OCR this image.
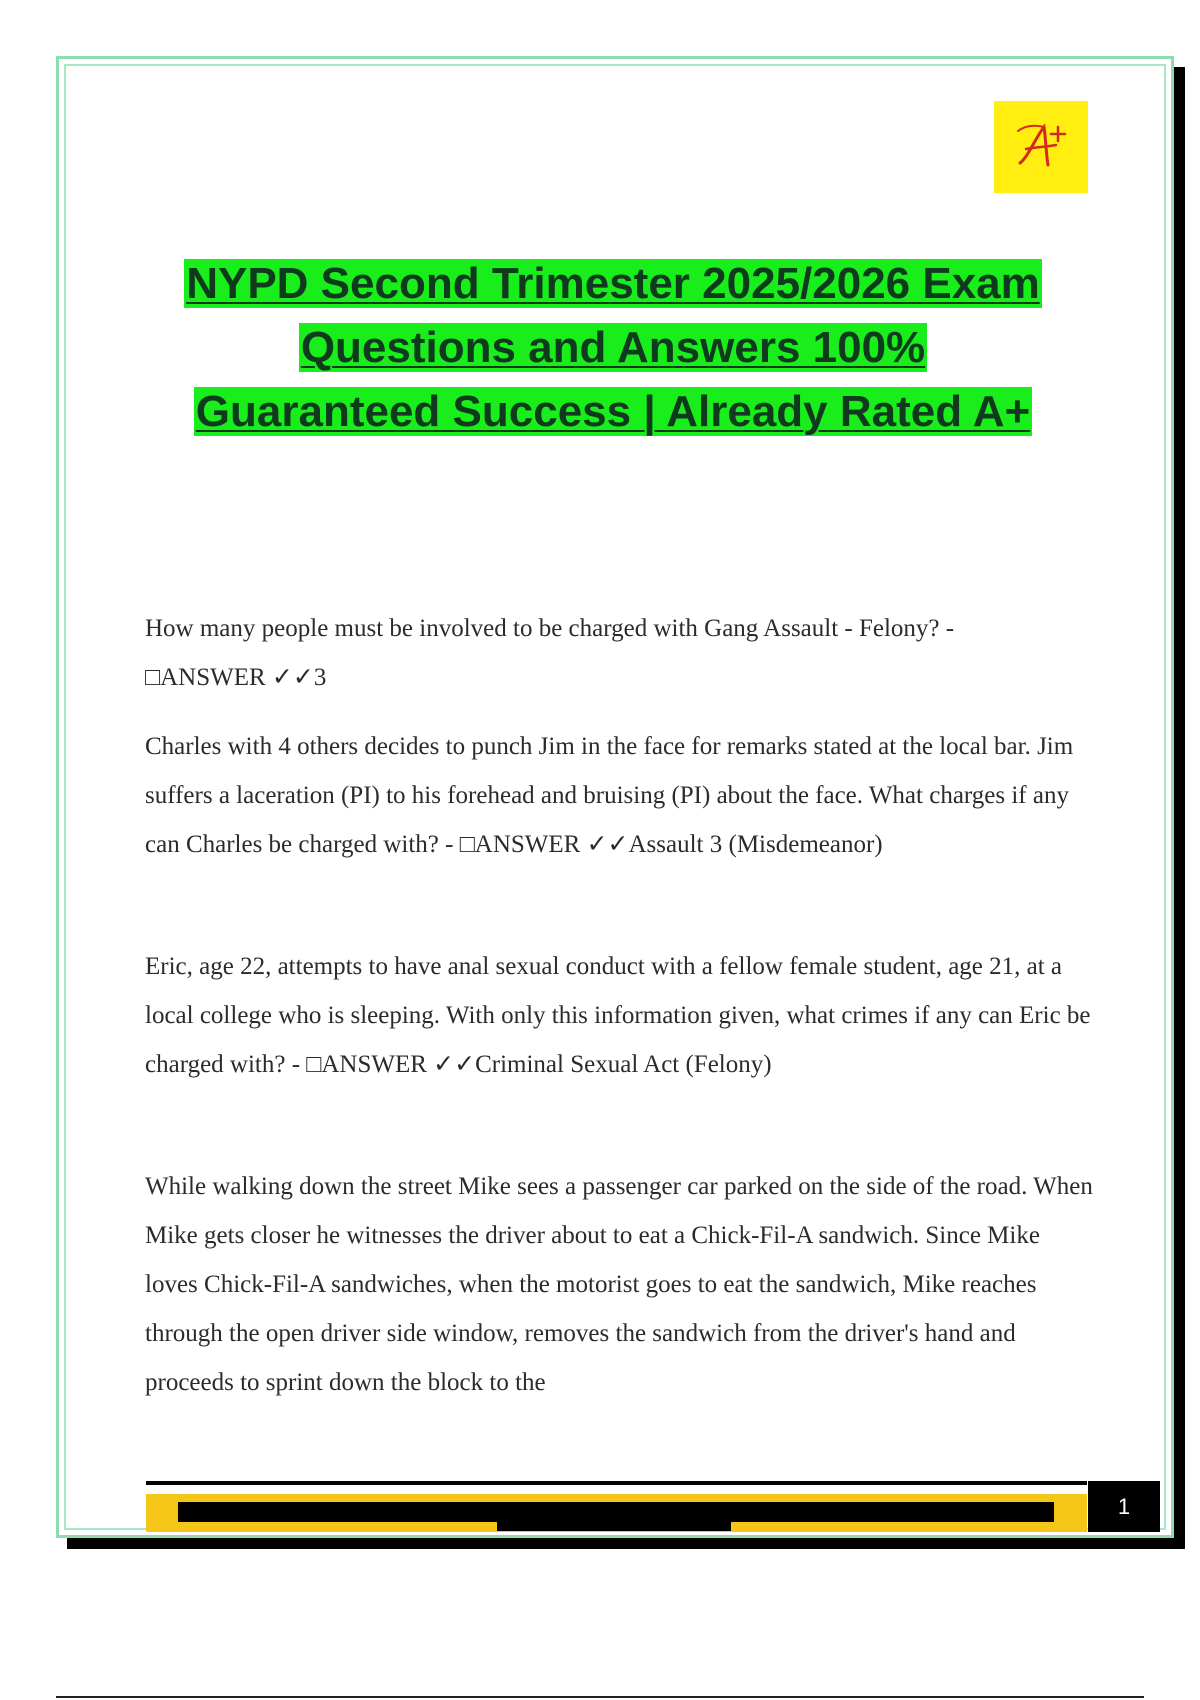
NYPD Second Trimester 2025/2026 Exam
Questions and Answers 100%
Guaranteed Success | Already Rated A+

How many people must be involved to be charged with Gang Assault - Felony? -
□ANSWER ✓✓3

Charles with 4 others decides to punch Jim in the face for remarks stated at the local bar. Jim suffers a laceration (PI) to his forehead and bruising (PI) about the face. What charges if any can Charles be charged with? - □ANSWER ✓✓Assault 3 (Misdemeanor)

Eric, age 22, attempts to have anal sexual conduct with a fellow female student, age 21, at a local college who is sleeping. With only this information given, what crimes if any can Eric be charged with? - □ANSWER ✓✓Criminal Sexual Act (Felony)

While walking down the street Mike sees a passenger car parked on the side of the road. When Mike gets closer he witnesses the driver about to eat a Chick-Fil-A sandwich. Since Mike loves Chick-Fil-A sandwiches, when the motorist goes to eat the sandwich, Mike reaches through the open driver side window, removes the sandwich from the driver's hand and proceeds to sprint down the block to the

1
